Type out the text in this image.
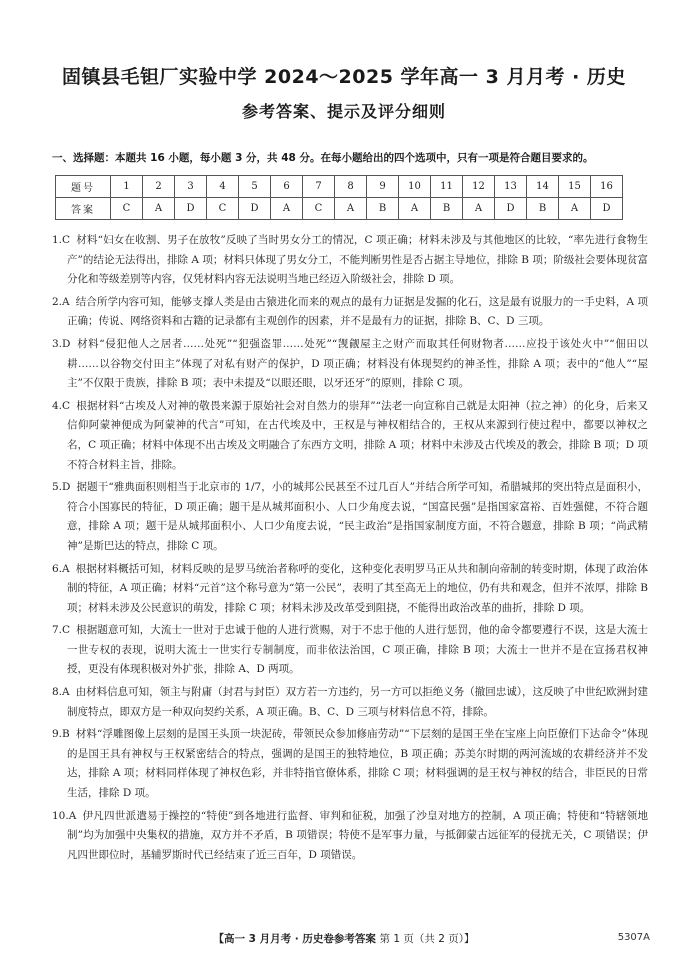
固镇县毛钽厂实验中学 2024～2025 学年高一 3 月月考 · 历史
参考答案、提示及评分细则
一、选择题：本题共 16 小题，每小题 3 分，共 48 分。在每小题给出的四个选项中，只有一项是符合题目要求的。
题号	1	2	3	4	5	6	7	8	9	10	11	12	13	14	15	16
答案	C	A	D	C	D	A	C	A	B	A	B	A	D	B	A	D
1.C 材料“妇女在收割、男子在放牧”反映了当时男女分工的情况，C 项正确；材料未涉及与其他地区的比较，“率先进行食物生产”的结论无法得出，排除 A 项；材料只体现了男女分工，不能判断男性是否占据主导地位，排除 B 项；阶级社会要体现贫富分化和等级差别等内容，仅凭材料内容无法说明当地已经迈入阶级社会，排除 D 项。
2.A 结合所学内容可知，能够支撑人类是由古猿进化而来的观点的最有力证据是发掘的化石，这是最有说服力的一手史料，A 项正确；传说、网络资料和古籍的记录都有主观创作的因素，并不是最有力的证据，排除 B、C、D 三项。
3.D 材料“侵犯他人之居者……处死”“犯强盗罪……处死”“觊觎屋主之财产而取其任何财物者……应投于该处火中”“佃田以耕……以谷物交付田主”体现了对私有财产的保护，D 项正确；材料没有体现契约的神圣性，排除 A 项；表中的“他人”“屋主”不仅限于贵族，排除 B 项；表中未提及“以眼还眼，以牙还牙”的原则，排除 C 项。
4.C 根据材料“古埃及人对神的敬畏来源于原始社会对自然力的崇拜”“法老一向宣称自己就是太阳神（拉之神）的化身，后来又信仰阿蒙神便成为阿蒙神的代言”可知，在古代埃及中，王权是与神权相结合的，王权从来源到行使过程中，都要以神权之名，C 项正确；材料中体现不出古埃及文明融合了东西方文明，排除 A 项；材料中未涉及古代埃及的教会，排除 B 项；D 项不符合材料主旨，排除。
5.D 据题干“雅典面积则相当于北京市的 1/7，小的城邦公民甚至不过几百人”并结合所学可知，希腊城邦的突出特点是面积小，符合小国寡民的特征，D 项正确；题干是从城邦面积小、人口少角度去说，“国富民强”是指国家富裕、百姓强健，不符合题意，排除 A 项；题干是从城邦面积小、人口少角度去说，“民主政治”是指国家制度方面，不符合题意，排除 B 项；“尚武精神”是斯巴达的特点，排除 C 项。
6.A 根据材料概括可知，材料反映的是罗马统治者称呼的变化，这种变化表明罗马正从共和制向帝制的转变时期，体现了政治体制的特征，A 项正确；材料“元首”这个称号意为“第一公民”，表明了其至高无上的地位，仍有共和观念，但并不浓厚，排除 B 项；材料未涉及公民意识的萌发，排除 C 项；材料未涉及改革受到阻挠，不能得出政治改革的曲折，排除 D 项。
7.C 根据题意可知，大流士一世对于忠诚于他的人进行赏赐，对于不忠于他的人进行惩罚，他的命令都要遵行不误，这是大流士一世专权的表现，说明大流士一世实行专制制度，而非依法治国，C 项正确，排除 B 项；大流士一世并不是在宣扬君权神授，更没有体现积极对外扩张，排除 A、D 两项。
8.A 由材料信息可知，领主与附庸（封君与封臣）双方若一方违约，另一方可以拒绝义务（撤回忠诚），这反映了中世纪欧洲封建制度特点，即双方是一种双向契约关系，A 项正确。B、C、D 三项与材料信息不符，排除。
9.B 材料“浮雕图像上层刻的是国王头顶一块泥砖，带领民众参加修庙劳动”“下层刻的是国王坐在宝座上向臣僚们下达命令”体现的是国王具有神权与王权紧密结合的特点，强调的是国王的独特地位，B 项正确；苏美尔时期的两河流域的农耕经济并不发达，排除 A 项；材料同样体现了神权色彩，并非特指官僚体系，排除 C 项；材料强调的是王权与神权的结合，非臣民的日常生活，排除 D 项。
10.A 伊凡四世派遣易于操控的“特使”到各地进行监督、审判和征税，加强了沙皇对地方的控制，A 项正确；特使和“特辖领地制”均为加强中央集权的措施，双方并不矛盾，B 项错误；特使不是军事力量，与抵御蒙古远征军的侵扰无关，C 项错误；伊凡四世即位时，基辅罗斯时代已经结束了近三百年，D 项错误。
【高一 3 月月考 · 历史卷参考答案 第 1 页（共 2 页）】	5307A
